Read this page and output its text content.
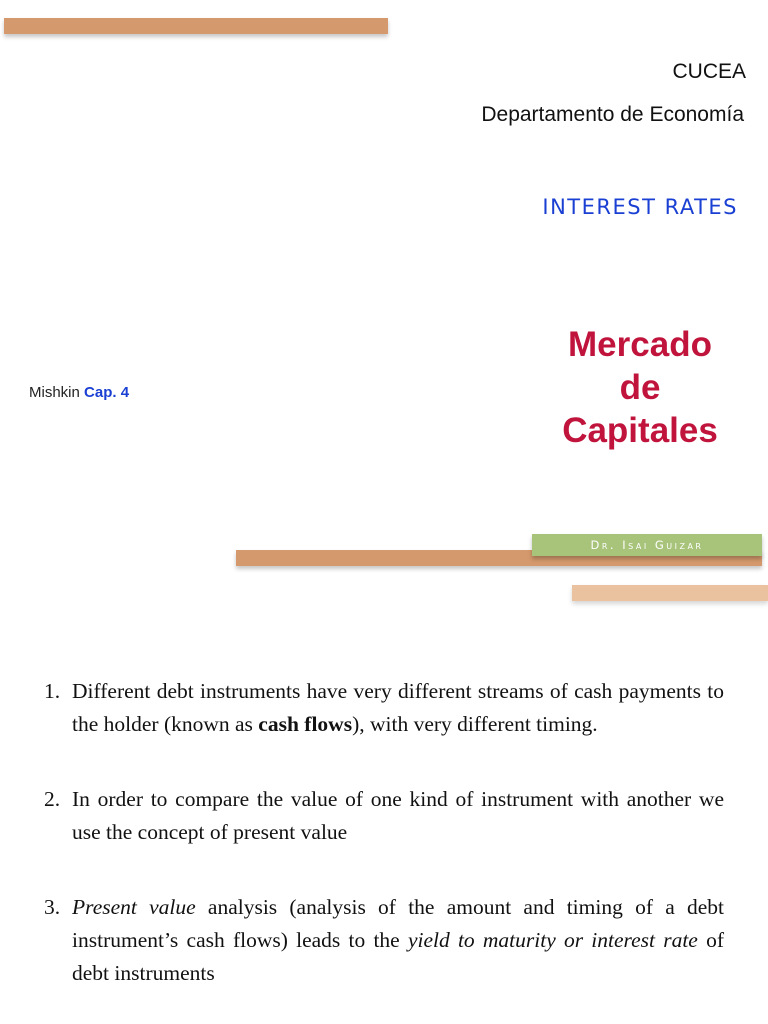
CUCEA
Departamento de Economía
INTEREST RATES
Mishkin Cap. 4
Mercado
de
Capitales
Dr. Isai Guizar
1. Different debt instruments have very different streams of cash payments to the holder (known as cash flows), with very different timing.
2. In order to compare the value of one kind of instrument with another we use the concept of present value
3. Present value analysis (analysis of the amount and timing of a debt instrument’s cash flows) leads to the yield to maturity or interest rate of debt instruments
